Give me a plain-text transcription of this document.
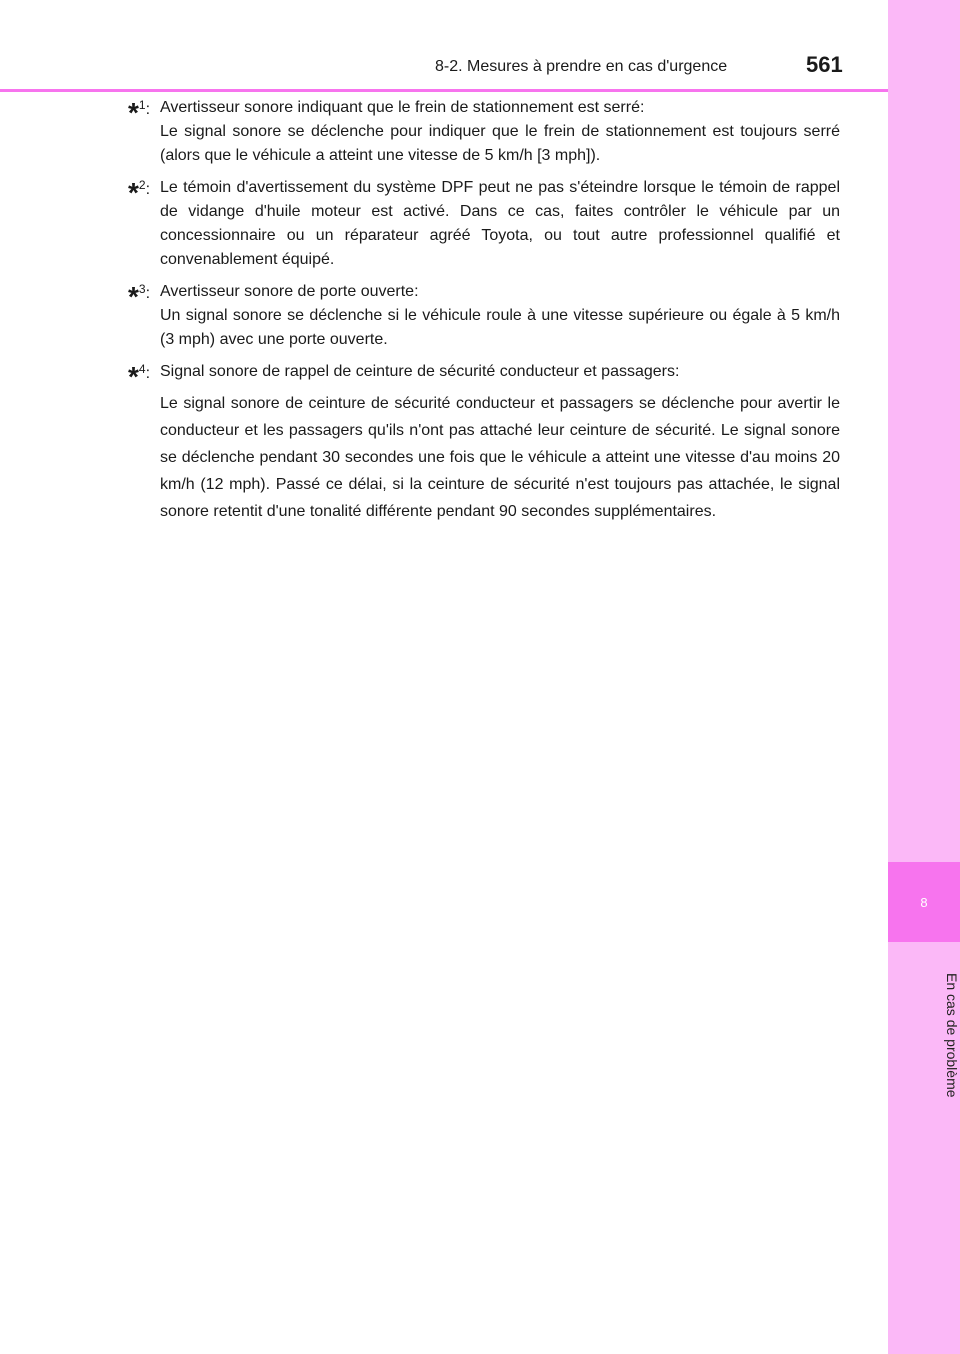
8
En cas de problème
8-2. Mesures à prendre en cas d'urgence	561
*$^1$: Avertisseur sonore indiquant que le frein de stationnement est serré:

Le signal sonore se déclenche pour indiquer que le frein de stationnement est toujours serré (alors que le véhicule a atteint une vitesse de 5 km/h [3 mph]).

*$^2$: Le témoin d'avertissement du système DPF peut ne pas s'éteindre lorsque le témoin de rappel de vidange d'huile moteur est activé. Dans ce cas, faites contrôler le véhicule par un concessionnaire ou un réparateur agréé Toyota, ou tout autre professionnel qualifié et convenablement équipé.

*$^3$: Avertisseur sonore de porte ouverte:

Un signal sonore se déclenche si le véhicule roule à une vitesse supérieure ou égale à 5 km/h (3 mph) avec une porte ouverte.

*$^4$: Signal sonore de rappel de ceinture de sécurité conducteur et passagers:

Le signal sonore de ceinture de sécurité conducteur et passagers se déclenche pour avertir le conducteur et les passagers qu'ils n'ont pas attaché leur ceinture de sécurité. Le signal sonore se déclenche pendant 30 secondes une fois que le véhicule a atteint une vitesse d'au moins 20 km/h (12 mph). Passé ce délai, si la ceinture de sécurité n'est toujours pas attachée, le signal sonore retentit d'une tonalité différente pendant 90 secondes supplémentaires.
